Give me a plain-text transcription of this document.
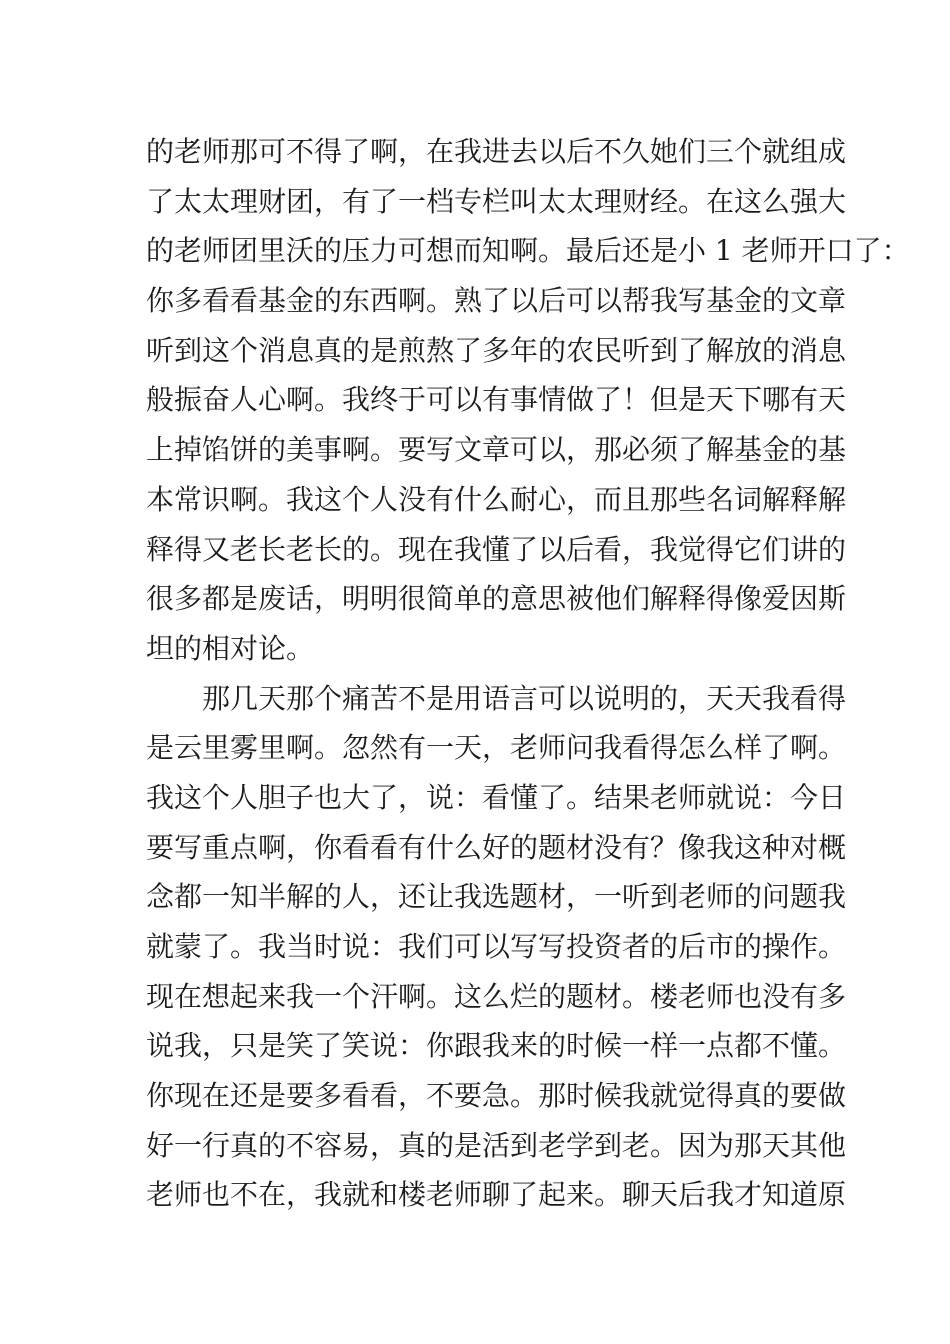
的老师那可不得了啊，在我进去以后不久她们三个就组成
了太太理财团，有了一档专栏叫太太理财经。在这么强大
的老师团里沃的压力可想而知啊。最后还是小 1 老师开口了：
你多看看基金的东西啊。熟了以后可以帮我写基金的文章
听到这个消息真的是煎熬了多年的农民听到了解放的消息
般振奋人心啊。我终于可以有事情做了！但是天下哪有天
上掉馅饼的美事啊。要写文章可以，那必须了解基金的基
本常识啊。我这个人没有什么耐心，而且那些名词解释解
释得又老长老长的。现在我懂了以后看，我觉得它们讲的
很多都是废话，明明很简单的意思被他们解释得像爱因斯
坦的相对论。
那几天那个痛苦不是用语言可以说明的，天天我看得
是云里雾里啊。忽然有一天，老师问我看得怎么样了啊。
我这个人胆子也大了，说：看懂了。结果老师就说：今日
要写重点啊，你看看有什么好的题材没有？像我这种对概
念都一知半解的人，还让我选题材，一听到老师的问题我
就蒙了。我当时说：我们可以写写投资者的后市的操作。
现在想起来我一个汗啊。这么烂的题材。楼老师也没有多
说我，只是笑了笑说：你跟我来的时候一样一点都不懂。
你现在还是要多看看，不要急。那时候我就觉得真的要做
好一行真的不容易，真的是活到老学到老。因为那天其他
老师也不在，我就和楼老师聊了起来。聊天后我才知道原
